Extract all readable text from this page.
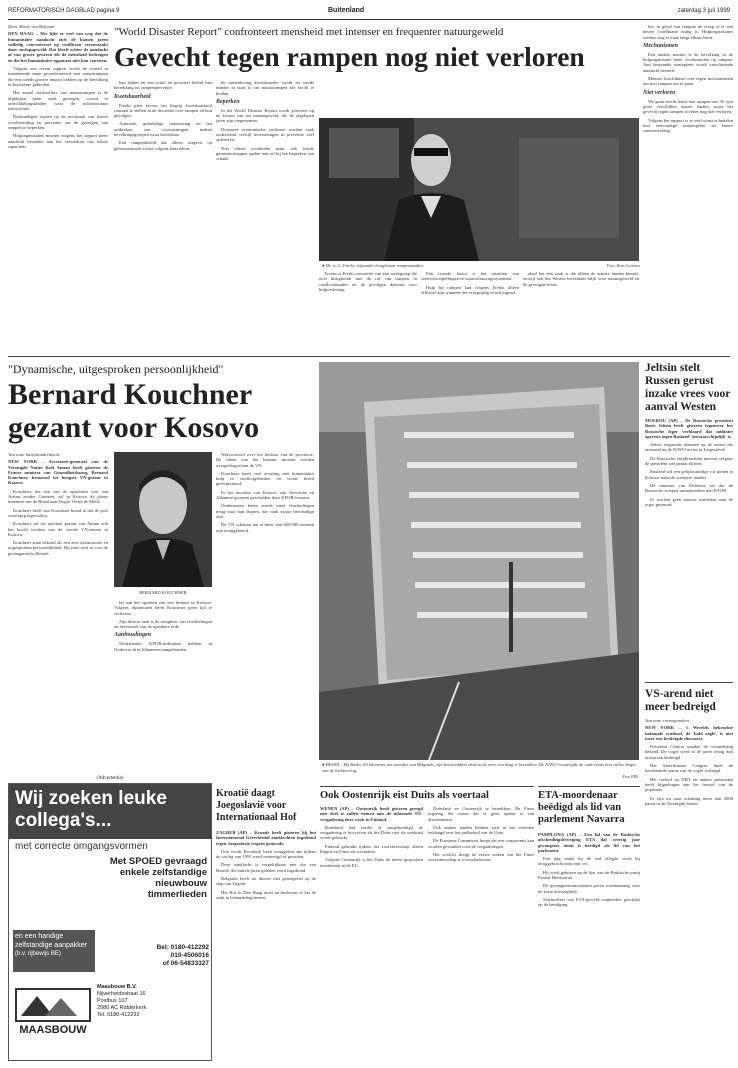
REFORMATORISCH DAGBLAD pagina 9	Buitenland	zaterdag 3 juli 1999

Door Marie van Beijnum

DEN HAAG – Het lijkt er veel van weg dat de humanitaire aandacht zich de komen jaren volledig concentreert op conflicten veroorzaakt door oorlogsgeweld. Dat kleeft echter de aandacht af van groter gevaren die de mensheid bedreigen en die het humanitaire apparaat niet kan voorzien.

Volgens een recent rapport wordt de wereld in toenemende mate geconfronteerd met natuurrampen die een steeds grotere impact hebben op de bevolking in kwetsbare gebieden.

Het aantal slachtoffers van natuurrampen is de afgelopen jaren sterk gestegen, vooral in ontwikkelingslanden waar de infrastructuur tekortschiet.

Deskundigen wijzen op de noodzaak van betere voorbereiding en preventie om de gevolgen van rampen te beperken.

Hulporganisaties moeten volgens het rapport meer aandacht besteden aan het versterken van lokale capaciteit.

"World Disaster Report" confronteert mensheid met intenser en frequenter natuurgeweld
Gevecht tegen rampen nog niet verloren

kan leiden tot een actief en proactief beleid met betrekking tot rampenpreventie.

Kwetsbaarheid

Frerks pleit ervoor het begrip kwetsbaarheid centraal te stellen in de discussie over rampen en hun gevolgen.

Armoede, gebrekkige huisvesting en het ontbreken van voorzieningen maken bevolkingsgroepen extra kwetsbaar.

Een rampenbeleid dat alleen reageert op gebeurtenissen schiet volgens hem tekort.

de samenleving kwetsbaarder wordt en steeds minder in staat is om natuurrampen het hoofd te bieden.

Beperken

In het World Disaster Report wordt gewezen op de kosten van het natuurgeweld, die de afgelopen jaren zijn toegenomen.

Doorsnee economische verliezen worden vaak onderschat, terwijl investeringen in preventie veel opleveren.

Niet alleen overheden maar ook lokale gemeenschappen spelen een rol bij het beperken van schade.

● Dr. ir. G. Frerks: bijzonder hoogleraar rampenstudies.	Foto: Kees Gorissen

Tevens is Frerks voorzitter van een werkgroep die zich bezighoudt met de rol van rampen in conflictsituaties en de gevolgen daarvan voor hulpverlening.

Een tweede factor is het uitzetten van weersvoorspellingen en waarschuwingssystemen.

Hulp bij rampen kan volgens Frerks alleen effectief zijn wanneer die vroegtijdig wordt ingezet.

alsof het een zaak is die alleen de armste landen betreft, terwijl ook het Westen kwetsbaar blijft voor natuurgeweld en de gevolgen ervan.

het, in geval van rampen de vraag of er een betere coördinatie nodig is. Hulporganisaties werken nog te vaak langs elkaar heen.

Mechanismen

Een andere manier is de bevolking in de hulporganisatie beter voorbereiden op rampen. Aan bestaande strategieën wordt onvoldoende aandacht besteed.

Mensen beschikken over eigen mechanismen om met rampen om te gaan.

Niet verloren

We gaan steeds beter met rampen om. Er zijn grote verschillen tussen landen, maar het gevecht tegen rampen is zeker nog niet verloren.

Volgens het rapport is er veel winst te behalen met eenvoudige maatregelen en betere samenwerking.

"Dynamische, uitgesproken persoonlijkheid"
Bernard Kouchner gezant voor Kosovo

Van onze buitenlandredactie

NEW YORK – Secretaris-generaal van de Verenigde Naties Kofi Annan heeft gisteren de Franse minister van Gezondheidszorg, Bernard Kouchner, benoemd tot hoogste VN-gezant in Kosovo.

Kouchner, die een van de oprichters was van Artsen zonder Grenzen, zal in Kosovo de plaats innemen van de Braziliaan Sergio Vieira de Mello.

Kouchner heeft van Kouchner brand in dat de post voorlopig ingevuld is.

Kouchner zal als speciaal gezant van Annan ook het hoofd worden van de civiele VN-missie in Kosovo.

Kouchner staat bekend als een zeer dynamische en uitgesproken persoonlijkheid. Hij zette zich in voor de gevangenen in Bosnië.

BERNARD KOUCHNER

bij aan het opzetten van een bestuur in Kosovo. Volgens diplomaten heeft Kouchner geen tijd te verliezen.

Zijn directe taak is de terugkeer van vluchtelingen en het herstel van de openbare orde.

Aanhoudingen

Nederlandse KFOR-militairen hebben in Orahovac drie Albanezen aangehouden.

Wetsvoorstel over het bestuur van de provincie. De taken van het bestuur moeten worden overgedragen aan de VN.

Kouchner heeft veel ervaring met humanitaire hulp in conflictgebieden en wordt breed gerespecteerd.

In het noorden van Kosovo zijn Servische en Albanese groepen gescheiden door KFOR-troepen.

Ondertussen keren steeds meer vluchtelingen terug naar hun dorpen, die vaak zwaar beschadigd zijn.

De VN schatten dat al meer dan 600.000 mensen zijn teruggekeerd.

● BESNA – Bij Besko, 60 kilometer ten noorden van Belgrado, zijn bouwvakkers druk in de weer een brug te herstellen. De NAVO vernietigde de oude reeds kort na het begin van de luchtoorlog.
Foto EPA
Jeltsin stelt Russen gerust inzake vrees voor aanval Westen

MOSKOU (AP) – De Russische president Boris Jeltsin heeft gisteren tegenover het Russische leger verklaard dat militaire agressie tegen Rusland 'onwaarschijnlijk' is.

Jeltsin reageerde daarmee op de onrust die ontstond na de NAVO-acties in Joegoslavië.

De Russische strijdkrachten moeten volgens de president wel paraat blijven.

Rusland wil een gelijkwaardige rol spelen in Kosovo naast de westerse landen.

De minister van Defensie zei dat de Russische troepen samenwerken met KFOR.

Er worden geen nieuwe eenheden naar de regio gestuurd.

VS-arend niet meer bedreigd

Van onze correspondent

NEW YORK – 's Werelds bekendste nationale symbool, de 'bald eagle', is niet meer een bedreigde diersoort.

President Clinton maakte de verandering bekend. De vogel werd in de jaren zestig met uitsterven bedreigd.

Het Amerikaanse Congres heeft de beschermde status van de vogel verlaagd.

Het verbod op DDT en andere pesticiden heeft bijgedragen aan het herstel van de populatie.

Er zijn nu naar schatting meer dan 5800 paren in de Verenigde Staten.

(Advertentie)
Wij zoeken leuke collega's...
met correcte omgangsvormen
Met SPOED gevraagd enkele zelfstandige nieuwbouw timmerlieden
en een handige zelfstandige aanpakker
(b.v. rijbewijs BE)
Bel: 0180-412292
010-4506016
of 06-54833327
Maasbouw B.V.
Nijverheidsstraat 16
Postbus 107
2980 AC Ridderkerk
Tel. 0180-412292
MAASBOUW
Kroatië daagt Joegoslavië voor Internationaal Hof

ZAGREB (AP) – Kroatië heeft gisteren bij het Internationaal Gerechtshof aanklachten ingediend tegen Joegoslavië wegens genocide.

Ook wordt Kroatisch bezit teruggeëist dat tijdens de oorlog van 1991 werd vernietigd of gestolen.

Deze aanklacht is vergelijkbaar met die van Bosnië, die enkele jaren geleden werd ingediend.

Belgrado heeft tot dusver niet gereageerd op de stap van Zagreb.

Het Hof in Den Haag moet nu beslissen of het de zaak in behandeling neemt.

Ook Oostenrijk eist Duits als voertaal

WENEN (AP) – Oostenrijk heeft gisteren gezegd niet deel te zullen nemen aan de informele EU-vergadering deze week in Finland.

Duitsland had eerder al aangekondigd de vergadering te boycotten als het Duits niet als werktaal wordt gebruikt.

Finland gebruikt tijdens het voorzitterschap alleen Engels en Frans als werktalen.

Volgens Oostenrijk is het Duits de meest gesproken moedertaal in de EU.

Duitsland en Oostenrijk te betrekken. De Finse regering liet weten dat er geen sprake is van discriminatie.

Ook andere landen hebben zich in het verleden beklaagd over het taalbeleid van de Unie.

De Europese Commissie hoopt dat een compromis kan worden gevonden voor de vergaderingen.

Het conflict dreigt de eerste weken van het Finse voorzitterschap te overschaduwen.

ETA-moordenaar beëdigd als lid van parlement Navarra

PAMPLONA (AP) – Een lid van de Baskische afscheidingsbeweging ETA dat veertig jaar gevangenis uitzit is beëdigd als lid van het parlement.

Een dag nadat hij de eed aflegde werd hij teruggebracht naar zijn cel.

Hij werd gekozen op de lijst van de Baskische partij Euskal Herritarrok.

De gevangenisautoriteiten gaven toestemming voor de korte afwezigheid.

Slachtoffers van ETA-geweld reageerden geschokt op de beëdiging.
